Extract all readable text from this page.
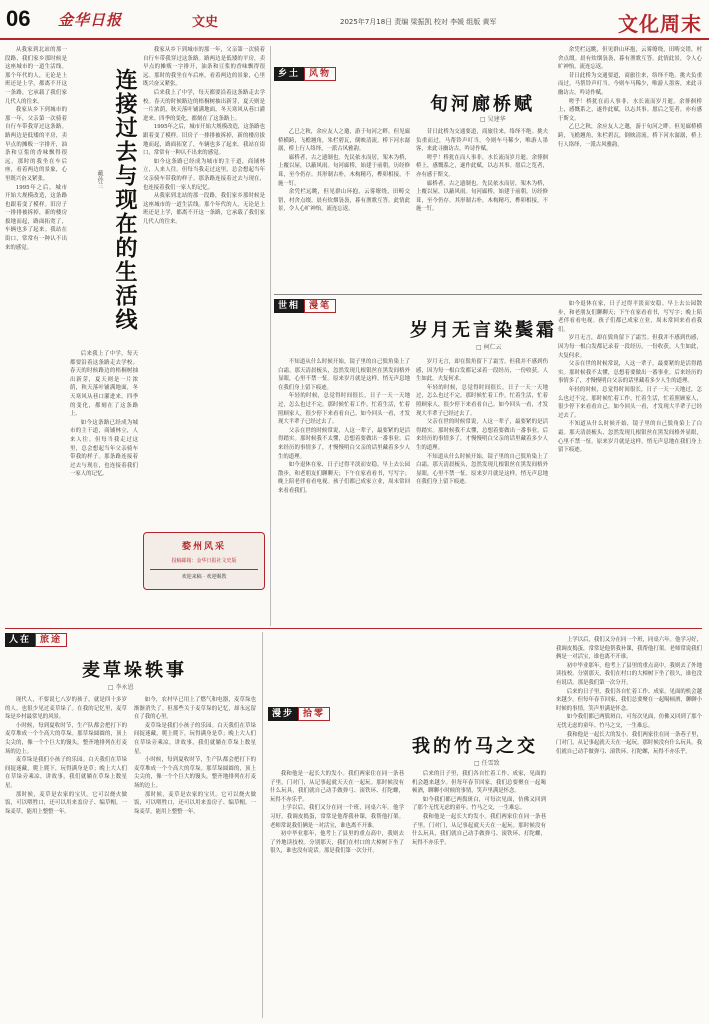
06 金华日报	文史	2025年7月18日 责编 梁振凯 校对 李媛 组版 黄军	文化周末

从我家到北站的那一段路，我们家乡那时候是这座城市的一道生活线。那个年代的人，无论是上班还是上学，都离不开这一条路，它承载了我们家几代人的往来。

我家从乡下到城市的那一年，父亲第一次骑着自行车带我穿过这条路。路两边是低矮的平房，卖早点的摊贩一字排开，油条和豆浆的香味飘得很远。那时的我坐在车后座，看着两边的景象，心里既兴奋又紧张。

1995年之后，城市开始大规模改造，这条路也跟着变了模样。旧房子一排排被拆掉，新的楼房拔地而起，路面拓宽了，车辆也多了起来。我站在街口，常常有一种认不出来的感觉。	连接过去与现在的生活线
戴孙兰

后来我上了中学，每天都要沿着这条路走去学校。春天的时候路边的梧桐树抽出新芽，夏天则是一片浓荫，秋天落叶铺满地面，冬天寒风从巷口灌进来。四季的变化，都刻在了这条路上。

如今这条路已经成为城市的主干道，商铺林立，人来人往。但每当我走过这里，总会想起当年父亲骑车带我的样子。那条路连接着过去与现在，也连接着我们一家人的记忆。

我家从乡下到城市的那一年，父亲第一次骑着自行车带我穿过这条路。路两边是低矮的平房，卖早点的摊贩一字排开，油条和豆浆的香味飘得很远。那时的我坐在车后座，看着两边的景象，心里既兴奋又紧张。

后来我上了中学，每天都要沿着这条路走去学校。春天的时候路边的梧桐树抽出新芽，夏天则是一片浓荫，秋天落叶铺满地面，冬天寒风从巷口灌进来。四季的变化，都刻在了这条路上。

1995年之后，城市开始大规模改造，这条路也跟着变了模样。旧房子一排排被拆掉，新的楼房拔地而起，路面拓宽了，车辆也多了起来。我站在街口，常常有一种认不出来的感觉。

如今这条路已经成为城市的主干道，商铺林立，人来人往。但每当我走过这里，总会想起当年父亲骑车带我的样子。那条路连接着过去与现在，也连接着我们一家人的记忆。

从我家到北站的那一段路，我们家乡那时候是这座城市的一道生活线。那个年代的人，无论是上班还是上学，都离不开这一条路，它承载了我们家几代人的往来。

婺州风采
投稿邮箱：金华日报社文史版
欢迎来稿 · 欢迎赐教
乡土	风物
旬河廊桥赋
□ 吴建华

乙巳之秋，余应友人之邀，游于旬河之畔。但见廊桥横跨，飞檐翘角，朱栏碧瓦，倒映清流。桥下河水潺潺，桥上行人络绎，一派古风雅韵。

廊桥者，古之遗制也。先民依水而居，架木为桥，上覆以屋，以蔽风雨。旬河廊桥，始建于前朝，历经修葺，至今仍存。其形制古朴，木构精巧，榫卯相接，不施一钉。

余凭栏远眺，但见群山环抱，云雾缭绕，田畴交错，村舍点缀。晨有炊烟袅袅，暮有渔歌互答。此情此景，令人心旷神怡，流连忘返。

昔日此桥为交通要道，商旅往来，络绎不绝。挑夫负重而过，马帮铃声叮当。今则车马稀少，唯游人墨客，来此寻幽访古，吟诗作赋。

嗟乎！桥犹在而人事非，水长流而岁月逝。余徘徊桥上，感慨系之，遂作此赋，以志其事。愿后之览者，亦有感于斯文。

廊桥者，古之遗制也。先民依水而居，架木为桥，上覆以屋，以蔽风雨。旬河廊桥，始建于前朝，历经修葺，至今仍存。其形制古朴，木构精巧，榫卯相接，不施一钉。

余凭栏远眺，但见群山环抱，云雾缭绕，田畴交错，村舍点缀。晨有炊烟袅袅，暮有渔歌互答。此情此景，令人心旷神怡，流连忘返。

昔日此桥为交通要道，商旅往来，络绎不绝。挑夫负重而过，马帮铃声叮当。今则车马稀少，唯游人墨客，来此寻幽访古，吟诗作赋。

嗟乎！桥犹在而人事非，水长流而岁月逝。余徘徊桥上，感慨系之，遂作此赋，以志其事。愿后之览者，亦有感于斯文。

乙巳之秋，余应友人之邀，游于旬河之畔。但见廊桥横跨，飞檐翘角，朱栏碧瓦，倒映清流。桥下河水潺潺，桥上行人络绎，一派古风雅韵。

世相	漫笔
岁月无言染鬓霜
□ 柯仁云

不知道从什么时候开始，镜子里的自己鬓角染上了白霜。那天清晨梳头，忽然发现几根银丝在黑发间格外显眼，心里不禁一怔。原来岁月就是这样，悄无声息地在我们身上留下痕迹。

年轻的时候，总觉得时间很长，日子一天一天地过，怎么也过不完。那时候忙着工作，忙着生活，忙着照顾家人，很少停下来看看自己。如今回头一看，才发现大半辈子已经过去了。

父亲在世的时候常说，人这一辈子，最要紧的是活得踏实。那时候我不太懂，总想着要做出一番事业。后来经历的事情多了，才慢慢明白父亲的话里藏着多少人生的道理。

如今退休在家，日子过得平淡而安稳。早上去公园散步，和老朋友们聊聊天；下午在家看看书，写写字；晚上陪老伴看看电视。孩子们都已成家立业，周末常回来看看我们。

岁月无言，却在鬓角留下了霜雪。但我并不感到伤感，因为每一根白发都记录着一段经历，一份收获。人生如此，夫复何求。

年轻的时候，总觉得时间很长，日子一天一天地过，怎么也过不完。那时候忙着工作，忙着生活，忙着照顾家人，很少停下来看看自己。如今回头一看，才发现大半辈子已经过去了。

父亲在世的时候常说，人这一辈子，最要紧的是活得踏实。那时候我不太懂，总想着要做出一番事业。后来经历的事情多了，才慢慢明白父亲的话里藏着多少人生的道理。

不知道从什么时候开始，镜子里的自己鬓角染上了白霜。那天清晨梳头，忽然发现几根银丝在黑发间格外显眼，心里不禁一怔。原来岁月就是这样，悄无声息地在我们身上留下痕迹。

如今退休在家，日子过得平淡而安稳。早上去公园散步，和老朋友们聊聊天；下午在家看看书，写写字；晚上陪老伴看看电视。孩子们都已成家立业，周末常回来看看我们。

岁月无言，却在鬓角留下了霜雪。但我并不感到伤感，因为每一根白发都记录着一段经历，一份收获。人生如此，夫复何求。

父亲在世的时候常说，人这一辈子，最要紧的是活得踏实。那时候我不太懂，总想着要做出一番事业。后来经历的事情多了，才慢慢明白父亲的话里藏着多少人生的道理。

年轻的时候，总觉得时间很长，日子一天一天地过，怎么也过不完。那时候忙着工作，忙着生活，忙着照顾家人，很少停下来看看自己。如今回头一看，才发现大半辈子已经过去了。

不知道从什么时候开始，镜子里的自己鬓角染上了白霜。那天清晨梳头，忽然发现几根银丝在黑发间格外显眼，心里不禁一怔。原来岁月就是这样，悄无声息地在我们身上留下痕迹。

人在	旅途
麦草垛轶事
□ 李永恩

现代人，不要说七八岁的孩子，就是四十多岁的人，也很少见过麦草垛了。在我的记忆里，麦草垛是乡村最常见的风景。

小时候，每到夏收时节，生产队都会把打下的麦草堆成一个个高大的草垛。那草垛圆圆的，顶上尖尖的，像一个个巨大的馒头，整齐地排列在打麦场的边上。

麦草垛是我们小孩子的乐园。白天我们在草垛间捉迷藏，爬上爬下，玩得满身是草；晚上大人们在草垛旁乘凉，讲故事，我们就躺在草垛上数星星。

那时候，麦草是农家的宝贝。它可以烧火做饭，可以喂牲口，还可以用来盖房子、编草帽。一垛麦草，能用上整整一年。

如今，农村早已用上了燃气和电器，麦草垛也渐渐消失了。但那些关于麦草垛的记忆，却永远留在了我的心里。

麦草垛是我们小孩子的乐园。白天我们在草垛间捉迷藏，爬上爬下，玩得满身是草；晚上大人们在草垛旁乘凉，讲故事，我们就躺在草垛上数星星。

小时候，每到夏收时节，生产队都会把打下的麦草堆成一个个高大的草垛。那草垛圆圆的，顶上尖尖的，像一个个巨大的馒头，整齐地排列在打麦场的边上。

那时候，麦草是农家的宝贝。它可以烧火做饭，可以喂牲口，还可以用来盖房子、编草帽。一垛麦草，能用上整整一年。

漫步	拾零
我的竹马之交
□ 任雪致

我和他是一起长大的发小。我们两家住在同一条巷子里，门对门，从记事起就天天在一起玩。那时候没有什么玩具，我们就自己动手做弹弓、滚铁环、打陀螺，玩得不亦乐乎。

上学以后，我们又分在同一个班，同桌六年。他学习好，我调皮捣蛋，常常是他帮我补课，我帮他打架。老师常说我们俩是一对活宝，谁也离不开谁。

初中毕业那年，他考上了县里的重点高中，我则去了外地读技校。分别那天，我们在村口的大樟树下坐了很久，谁也没有说话。那是我们第一次分开。

后来的日子里，我们各自忙着工作、成家，见面的机会越来越少。但每年春节回家，我们总要聚在一起喝顿酒，聊聊小时候的事情，笑声里满是怀念。

如今我们都已两鬓斑白，可每次见面，仿佛又回到了那个无忧无虑的童年。竹马之交，一生难忘。

我和他是一起长大的发小。我们两家住在同一条巷子里，门对门，从记事起就天天在一起玩。那时候没有什么玩具，我们就自己动手做弹弓、滚铁环、打陀螺，玩得不亦乐乎。

上学以后，我们又分在同一个班，同桌六年。他学习好，我调皮捣蛋，常常是他帮我补课，我帮他打架。老师常说我们俩是一对活宝，谁也离不开谁。

初中毕业那年，他考上了县里的重点高中，我则去了外地读技校。分别那天，我们在村口的大樟树下坐了很久，谁也没有说话。那是我们第一次分开。

后来的日子里，我们各自忙着工作、成家，见面的机会越来越少。但每年春节回家，我们总要聚在一起喝顿酒，聊聊小时候的事情，笑声里满是怀念。

如今我们都已两鬓斑白，可每次见面，仿佛又回到了那个无忧无虑的童年。竹马之交，一生难忘。

我和他是一起长大的发小。我们两家住在同一条巷子里，门对门，从记事起就天天在一起玩。那时候没有什么玩具，我们就自己动手做弹弓、滚铁环、打陀螺，玩得不亦乐乎。
